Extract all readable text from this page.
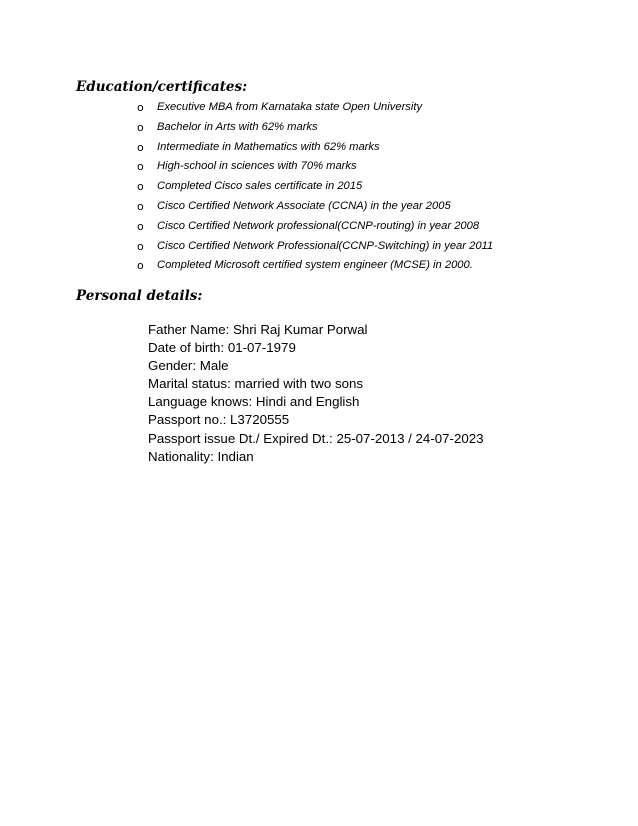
Education/certificates:
o Executive MBA from Karnataka state Open University
o Bachelor in Arts with 62% marks
o Intermediate in Mathematics with 62% marks
o High-school in sciences with 70% marks
o Completed Cisco sales certificate in 2015
o Cisco Certified Network Associate (CCNA) in the year 2005
o Cisco Certified Network professional(CCNP-routing) in year 2008
o Cisco Certified Network Professional(CCNP-Switching) in year 2011
o Completed Microsoft certified system engineer (MCSE) in 2000.
Personal details:
Father Name: Shri Raj Kumar Porwal
Date of birth: 01-07-1979
Gender: Male
Marital status: married with two sons
Language knows: Hindi and English
Passport no.: L3720555
Passport issue Dt./ Expired Dt.: 25-07-2013 / 24-07-2023
Nationality: Indian
